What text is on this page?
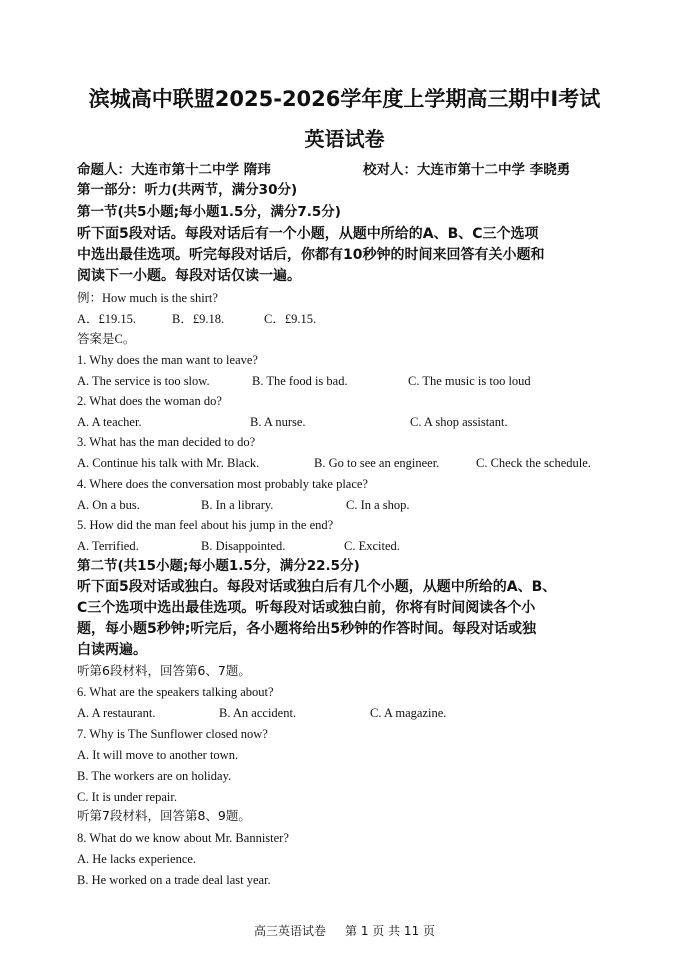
滨城高中联盟2025-2026学年度上学期高三期中Ⅰ考试
英语试卷
命题人：大连市第十二中学 隋玮	校对人：大连市第十二中学 李晓勇
第一部分：听力(共两节，满分30分)
第一节(共5小题;每小题1.5分，满分7.5分)
听下面5段对话。每段对话后有一个小题，从题中所给的A、B、C三个选项
中选出最佳选项。听完每段对话后，你都有10秒钟的时间来回答有关小题和
阅读下一小题。每段对话仅读一遍。
例：How much is the shirt?
A．£19.15.	B．£9.18.	C．£9.15.
答案是C。
1. Why does the man want to leave?
A. The service is too slow.	B. The food is bad.	C. The music is too loud
2. What does the woman do?
A. A teacher.	B. A nurse.	C. A shop assistant.
3. What has the man decided to do?
A. Continue his talk with Mr. Black.	B. Go to see an engineer.	C. Check the schedule.
4. Where does the conversation most probably take place?
A. On a bus.	B. In a library.	C. In a shop.
5. How did the man feel about his jump in the end?
A. Terrified.	B. Disappointed.	C. Excited.
第二节(共15小题;每小题1.5分，满分22.5分)
听下面5段对话或独白。每段对话或独白后有几个小题，从题中所给的A、B、
C三个选项中选出最佳选项。听每段对话或独白前，你将有时间阅读各个小
题，每小题5秒钟;听完后，各小题将给出5秒钟的作答时间。每段对话或独
白读两遍。
听第6段材料，回答第6、7题。
6. What are the speakers talking about?
A. A restaurant.	B. An accident.	C. A magazine.
7. Why is The Sunflower closed now?
A. It will move to another town.
B. The workers are on holiday.
C. It is under repair.
听第7段材料，回答第8、9题。
8. What do we know about Mr. Bannister?
A. He lacks experience.
B. He worked on a trade deal last year.
高三英语试卷     第 1 页 共 11 页
